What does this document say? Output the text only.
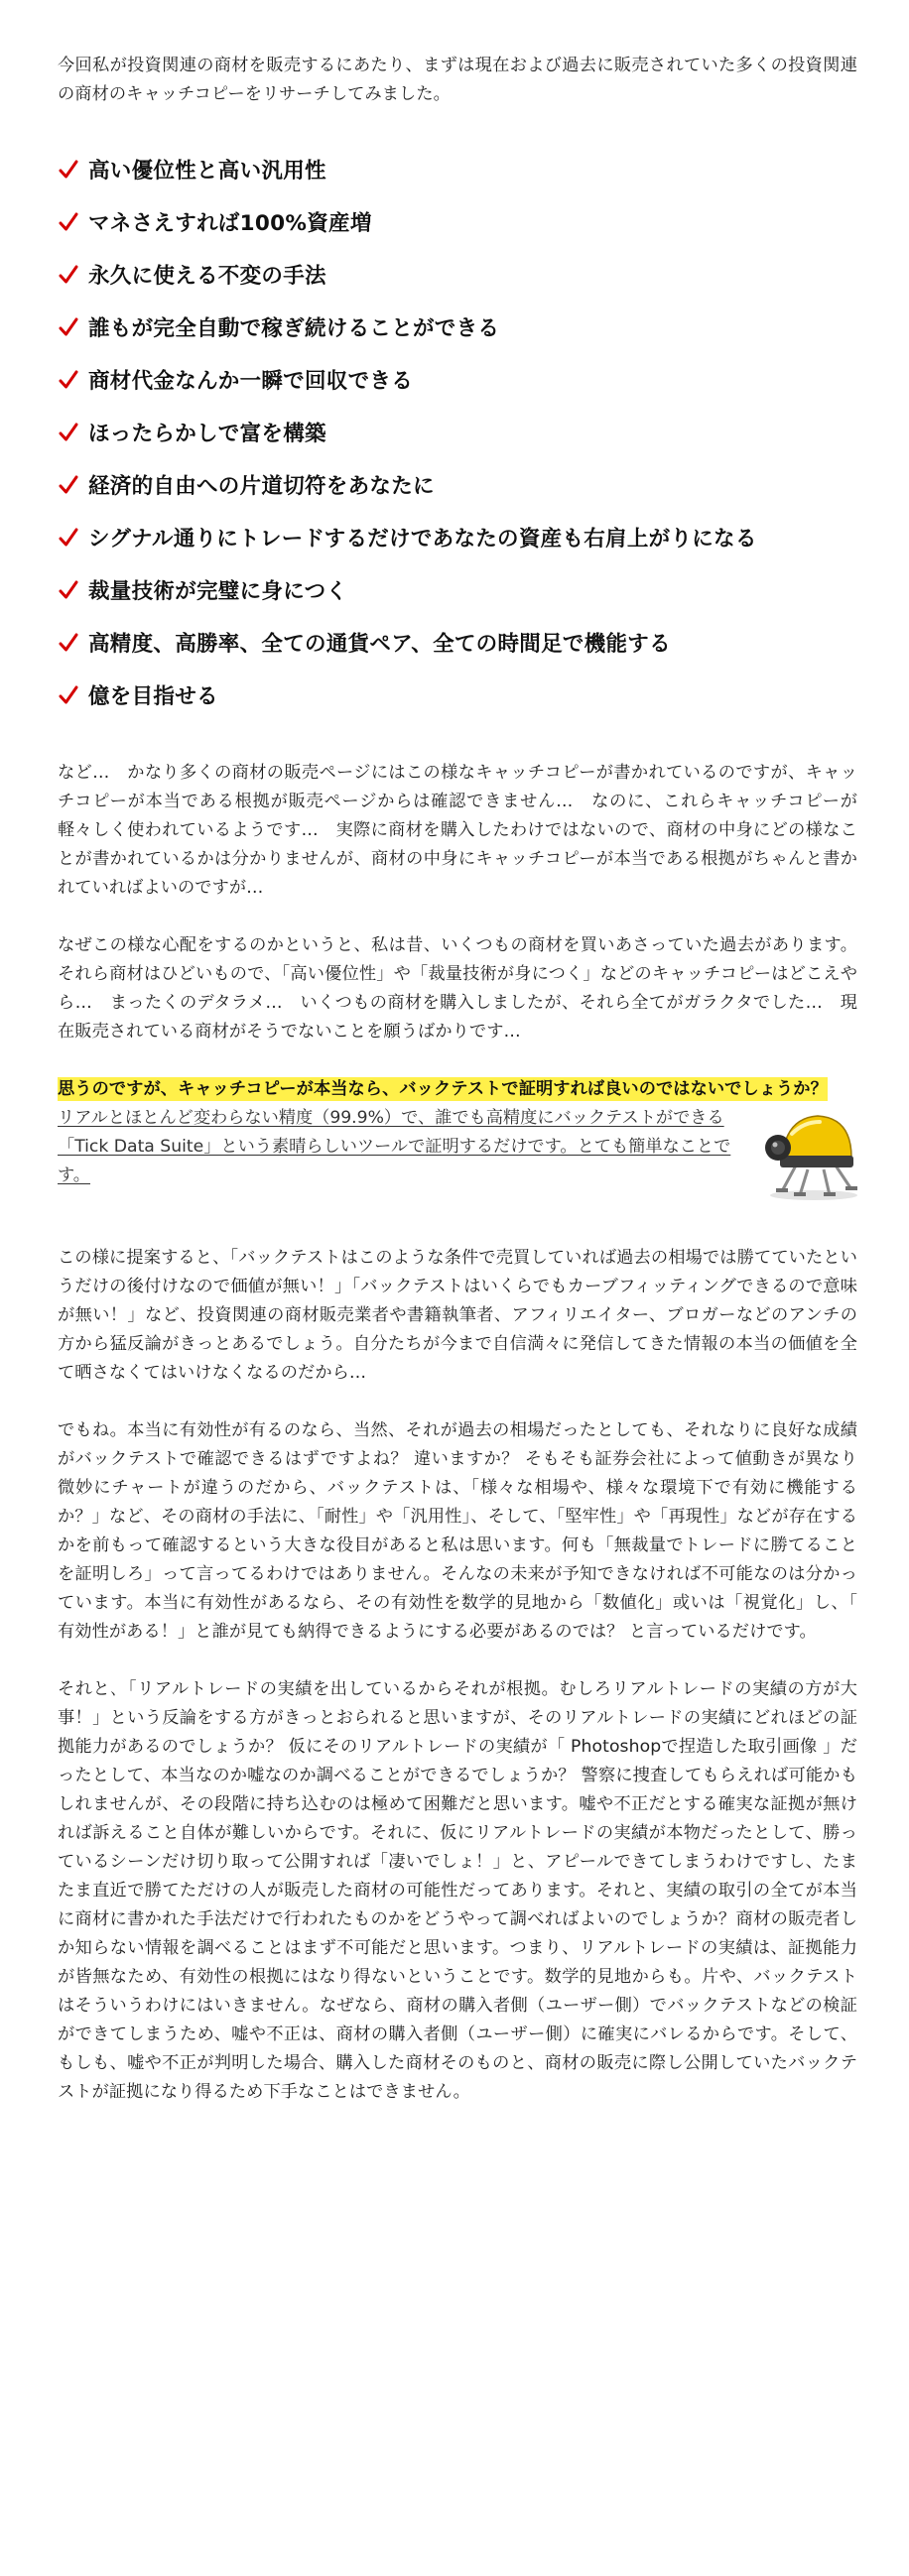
今回私が投資関連の商材を販売するにあたり、まずは現在および過去に販売されていた多くの投資関連の商材のキャッチコピーをリサーチしてみました。

高い優位性と高い汎用性
マネさえすれば100%資産増
永久に使える不変の手法
誰もが完全自動で稼ぎ続けることができる
商材代金なんか一瞬で回収できる
ほったらかしで富を構築
経済的自由への片道切符をあなたに
シグナル通りにトレードするだけであなたの資産も右肩上がりになる
裁量技術が完璧に身につく
高精度、高勝率、全ての通貨ペア、全ての時間足で機能する
億を目指せる

など…　かなり多くの商材の販売ページにはこの様なキャッチコピーが書かれているのですが、キャッチコピーが本当である根拠が販売ページからは確認できません…　なのに、これらキャッチコピーが軽々しく使われているようです…　実際に商材を購入したわけではないので、商材の中身にどの様なことが書かれているかは分かりませんが、商材の中身にキャッチコピーが本当である根拠がちゃんと書かれていればよいのですが…

なぜこの様な心配をするのかというと、私は昔、いくつもの商材を買いあさっていた過去があります。それら商材はひどいもので、「高い優位性」や「裁量技術が身につく」などのキャッチコピーはどこえやら…　まったくのデタラメ…　いくつもの商材を購入しましたが、それら全てがガラクタでした…　現在販売されている商材がそうでないことを願うばかりです…

思うのですが、キャッチコピーが本当なら、バックテストで証明すれば良いのではないでしょうか？

リアルとほとんど変わらない精度（99.9%）で、誰でも高精度にバックテストができる「Tick Data Suite」という素晴らしいツールで証明するだけです。とても簡単なことです。

この様に提案すると、「バックテストはこのような条件で売買していれば過去の相場では勝てていたというだけの後付けなので価値が無い！」「バックテストはいくらでもカーブフィッティングできるので意味が無い！」など、投資関連の商材販売業者や書籍執筆者、アフィリエイター、ブロガーなどのアンチの方から猛反論がきっとあるでしょう。自分たちが今まで自信満々に発信してきた情報の本当の価値を全て晒さなくてはいけなくなるのだから…

でもね。本当に有効性が有るのなら、当然、それが過去の相場だったとしても、それなりに良好な成績がバックテストで確認できるはずですよね？ 違いますか？ そもそも証券会社によって値動きが異なり微妙にチャートが違うのだから、バックテストは、「様々な相場や、様々な環境下で有効に機能するか？」など、その商材の手法に、「耐性」や「汎用性」、そして、「堅牢性」や「再現性」などが存在するかを前もって確認するという大きな役目があると私は思います。何も「無裁量でトレードに勝てることを証明しろ」って言ってるわけではありません。そんなの未来が予知できなければ不可能なのは分かっています。本当に有効性があるなら、その有効性を数学的見地から「数値化」或いは「視覚化」し、「 有効性がある！」と誰が見ても納得できるようにする必要があるのでは？ と言っているだけです。

それと､「リアルトレードの実績を出しているからそれが根拠。むしろリアルトレードの実績の方が大事！」という反論をする方がきっとおられると思いますが、そのリアルトレードの実績にどれほどの証拠能力があるのでしょうか？ 仮にそのリアルトレードの実績が「 Photoshopで捏造した取引画像 」だったとして、本当なのか嘘なのか調べることができるでしょうか？ 警察に捜査してもらえれば可能かもしれませんが、その段階に持ち込むのは極めて困難だと思います。嘘や不正だとする確実な証拠が無ければ訴えること自体が難しいからです。それに、仮にリアルトレードの実績が本物だったとして、勝っているシーンだけ切り取って公開すれば「凄いでしょ！」と、アピールできてしまうわけですし、たまたま直近で勝てただけの人が販売した商材の可能性だってあります。それと、実績の取引の全てが本当に商材に書かれた手法だけで行われたものかをどうやって調べればよいのでしょうか？商材の販売者しか知らない情報を調べることはまず不可能だと思います。つまり、リアルトレードの実績は、証拠能力が皆無なため、有効性の根拠にはなり得ないということです。数学的見地からも。片や、バックテストはそういうわけにはいきません。なぜなら、商材の購入者側（ユーザー側）でバックテストなどの検証ができてしまうため、嘘や不正は、商材の購入者側（ユーザー側）に確実にバレるからです。そして、もしも、嘘や不正が判明した場合、購入した商材そのものと、商材の販売に際し公開していたバックテストが証拠になり得るため下手なことはできません。
